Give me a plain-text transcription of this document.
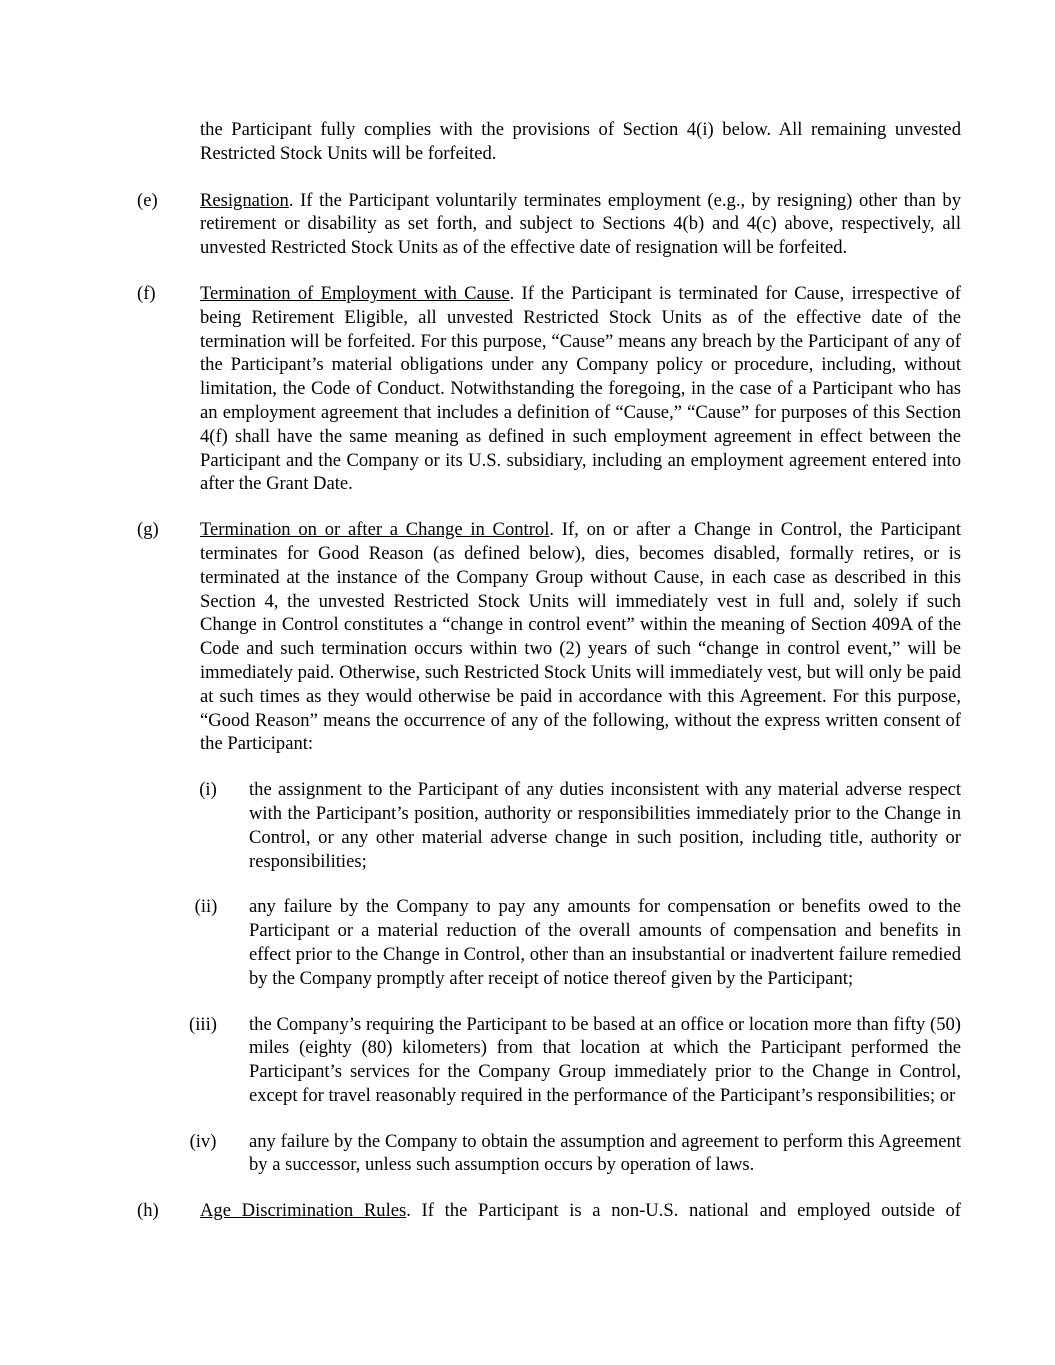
the Participant fully complies with the provisions of Section 4(i) below. All remaining unvested Restricted Stock Units will be forfeited.
(e) Resignation. If the Participant voluntarily terminates employment (e.g., by resigning) other than by retirement or disability as set forth, and subject to Sections 4(b) and 4(c) above, respectively, all unvested Restricted Stock Units as of the effective date of resignation will be forfeited.
(f) Termination of Employment with Cause. If the Participant is terminated for Cause, irrespective of being Retirement Eligible, all unvested Restricted Stock Units as of the effective date of the termination will be forfeited. For this purpose, “Cause” means any breach by the Participant of any of the Participant’s material obligations under any Company policy or procedure, including, without limitation, the Code of Conduct. Notwithstanding the foregoing, in the case of a Participant who has an employment agreement that includes a definition of “Cause,” “Cause” for purposes of this Section 4(f) shall have the same meaning as defined in such employment agreement in effect between the Participant and the Company or its U.S. subsidiary, including an employment agreement entered into after the Grant Date.
(g) Termination on or after a Change in Control. If, on or after a Change in Control, the Participant terminates for Good Reason (as defined below), dies, becomes disabled, formally retires, or is terminated at the instance of the Company Group without Cause, in each case as described in this Section 4, the unvested Restricted Stock Units will immediately vest in full and, solely if such Change in Control constitutes a “change in control event” within the meaning of Section 409A of the Code and such termination occurs within two (2) years of such “change in control event,” will be immediately paid. Otherwise, such Restricted Stock Units will immediately vest, but will only be paid at such times as they would otherwise be paid in accordance with this Agreement. For this purpose, “Good Reason” means the occurrence of any of the following, without the express written consent of the Participant:
(i)	the assignment to the Participant of any duties inconsistent with any material adverse respect with the Participant’s position, authority or responsibilities immediately prior to the Change in Control, or any other material adverse change in such position, including title, authority or responsibilities;
(ii)	any failure by the Company to pay any amounts for compensation or benefits owed to the Participant or a material reduction of the overall amounts of compensation and benefits in effect prior to the Change in Control, other than an insubstantial or inadvertent failure remedied by the Company promptly after receipt of notice thereof given by the Participant;
(iii)	the Company’s requiring the Participant to be based at an office or location more than fifty (50) miles (eighty (80) kilometers) from that location at which the Participant performed the Participant’s services for the Company Group immediately prior to the Change in Control, except for travel reasonably required in the performance of the Participant’s responsibilities; or
(iv)	any failure by the Company to obtain the assumption and agreement to perform this Agreement by a successor, unless such assumption occurs by operation of laws.
(h) Age Discrimination Rules. If the Participant is a non-U.S. national and employed outside of
